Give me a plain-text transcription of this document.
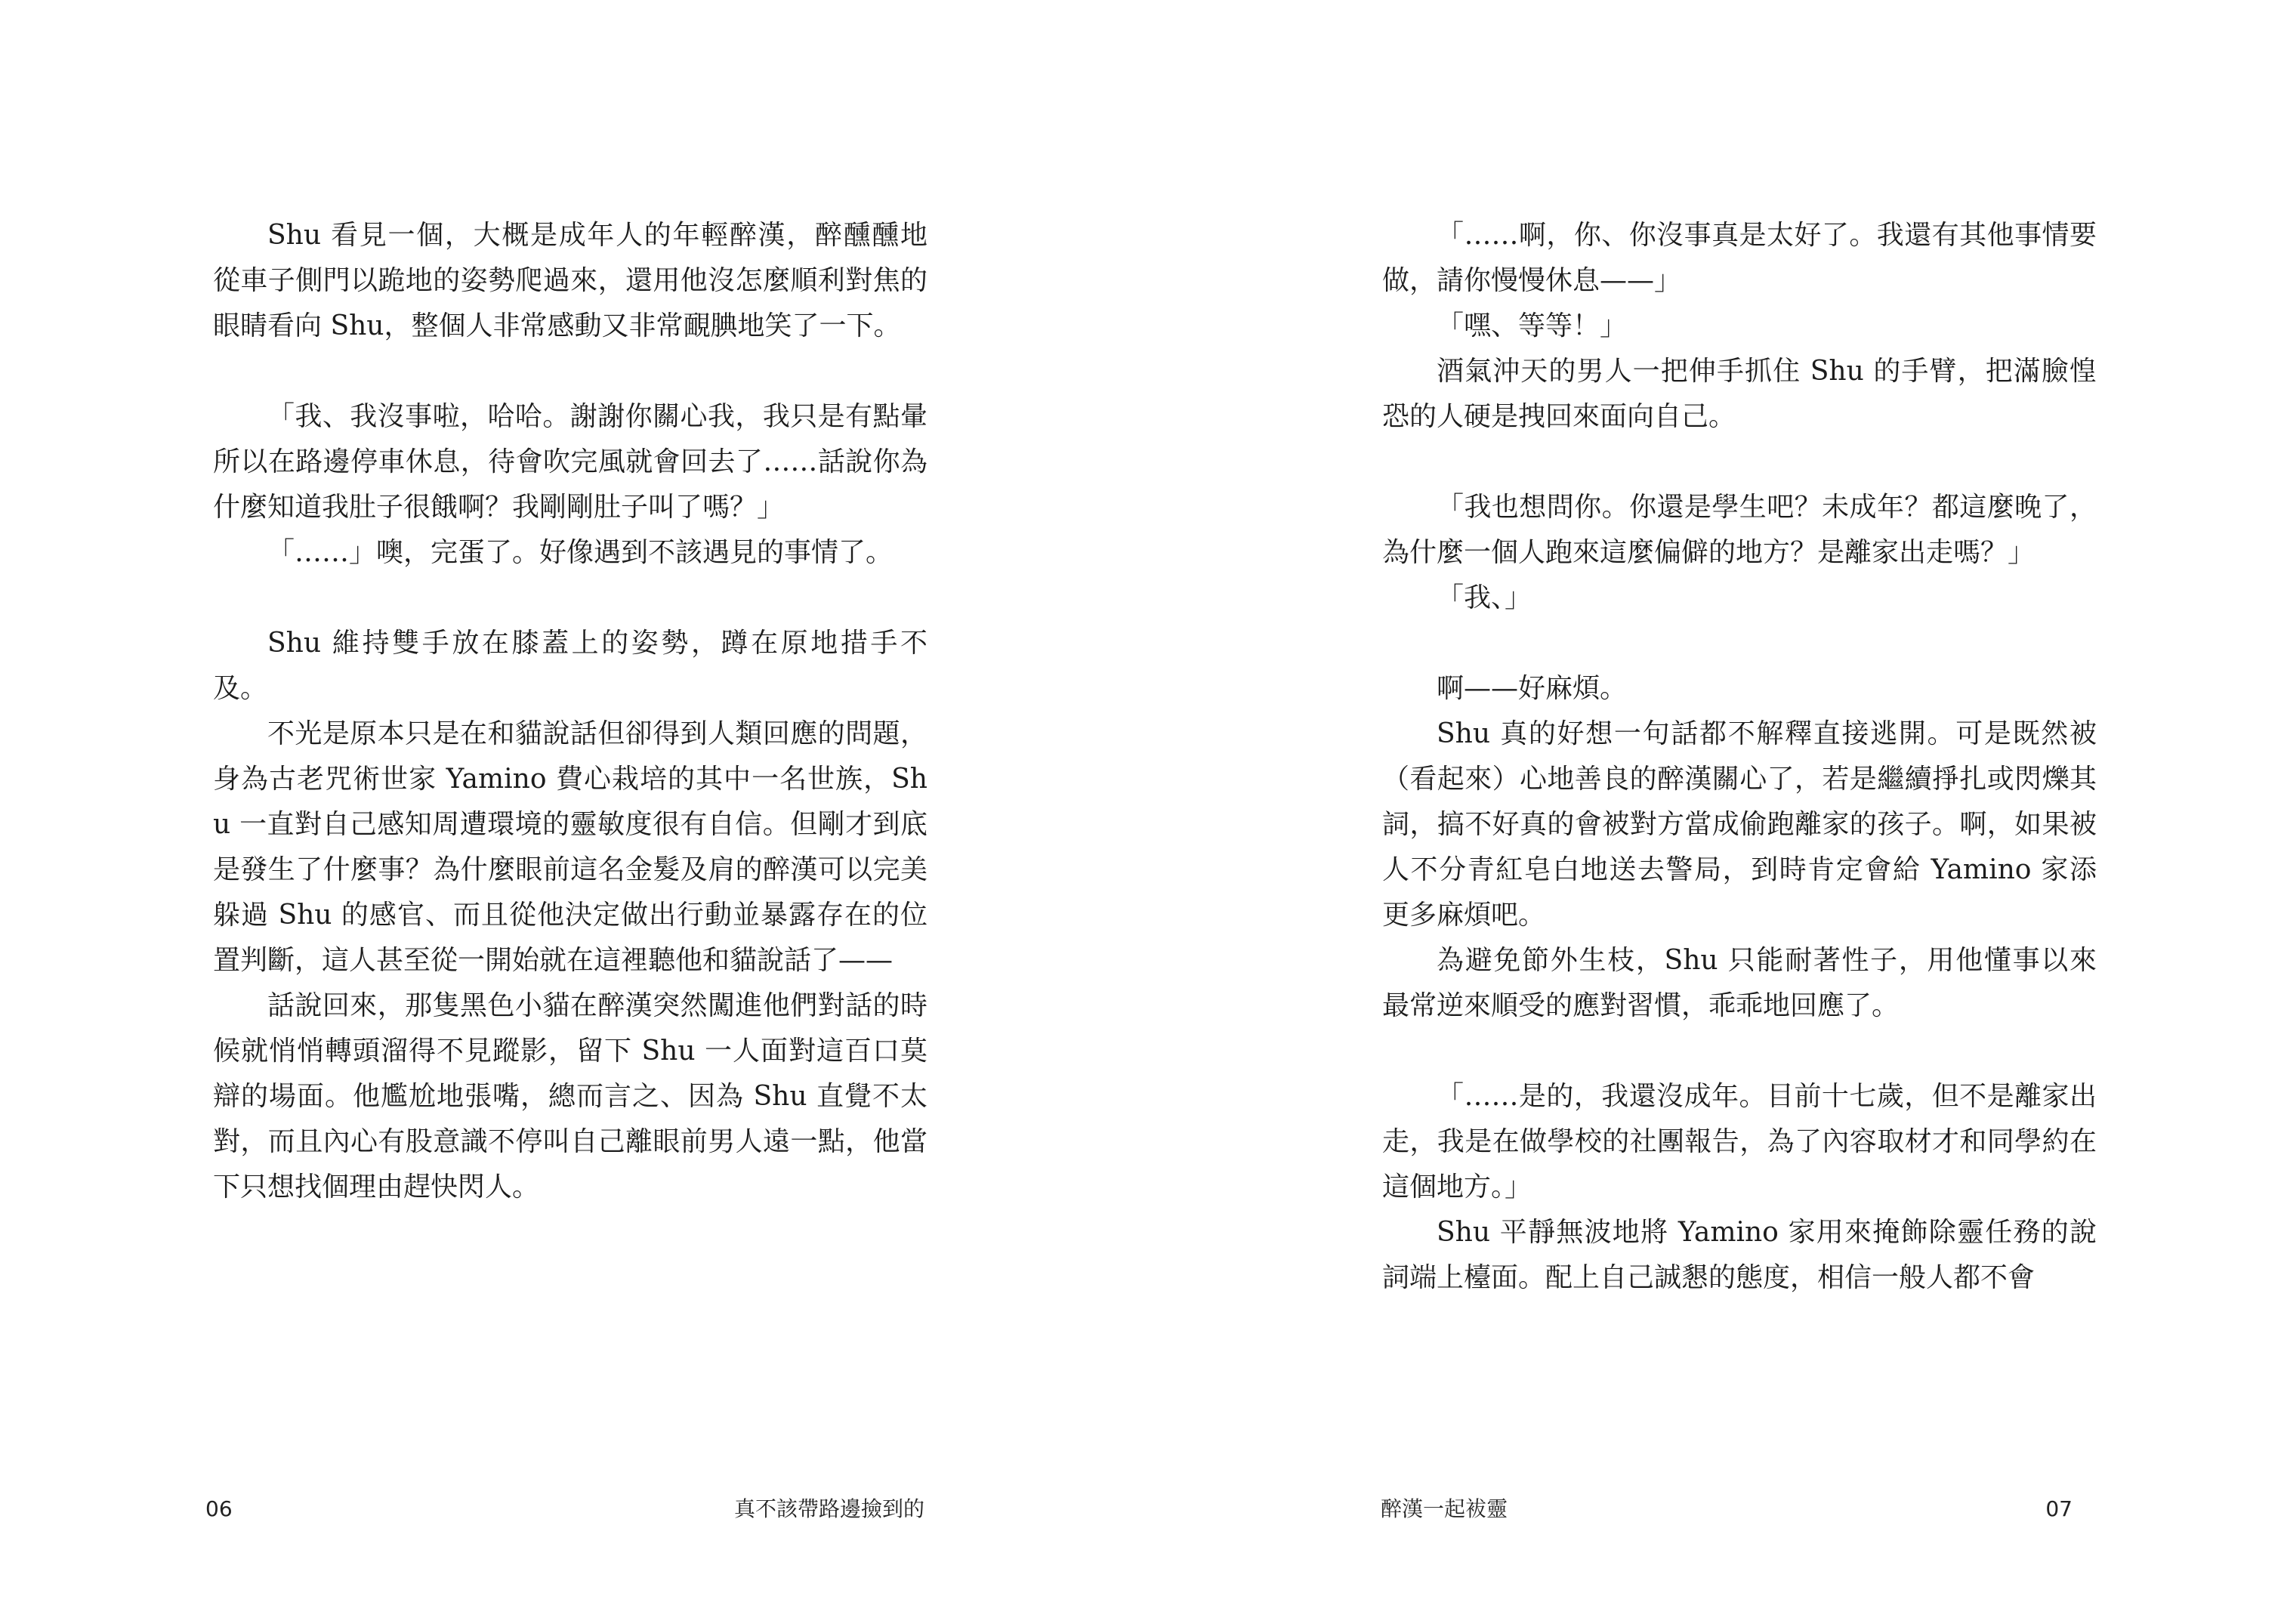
Shu 看見一個，大概是成年人的年輕醉漢，醉醺醺地從車子側門以跪地的姿勢爬過來，還用他沒怎麼順利對焦的眼睛看向 Shu，整個人非常感動又非常靦腆地笑了一下。

「我、我沒事啦，哈哈。謝謝你關心我，我只是有點暈所以在路邊停車休息，待會吹完風就會回去了……話說你為什麼知道我肚子很餓啊？我剛剛肚子叫了嗎？」

「……」噢，完蛋了。好像遇到不該遇見的事情了。

Shu 維持雙手放在膝蓋上的姿勢，蹲在原地措手不及。

不光是原本只是在和貓說話但卻得到人類回應的問題，身為古老咒術世家 Yamino 費心栽培的其中一名世族，Shu 一直對自己感知周遭環境的靈敏度很有自信。但剛才到底是發生了什麼事？為什麼眼前這名金髮及肩的醉漢可以完美躲過 Shu 的感官、而且從他決定做出行動並暴露存在的位置判斷，這人甚至從一開始就在這裡聽他和貓說話了——

話說回來，那隻黑色小貓在醉漢突然闖進他們對話的時候就悄悄轉頭溜得不見蹤影，留下 Shu 一人面對這百口莫辯的場面。他尷尬地張嘴，總而言之、因為 Shu 直覺不太對，而且內心有股意識不停叫自己離眼前男人遠一點，他當下只想找個理由趕快閃人。

06	真不該帶路邊撿到的

「……啊，你、你沒事真是太好了。我還有其他事情要做，請你慢慢休息——」

「嘿、等等！」

酒氣沖天的男人一把伸手抓住 Shu 的手臂，把滿臉惶恐的人硬是拽回來面向自己。

「我也想問你。你還是學生吧？未成年？都這麼晚了，為什麼一個人跑來這麼偏僻的地方？是離家出走嗎？」

「我、」

啊——好麻煩。

Shu 真的好想一句話都不解釋直接逃開。可是既然被（看起來）心地善良的醉漢關心了，若是繼續掙扎或閃爍其詞，搞不好真的會被對方當成偷跑離家的孩子。啊，如果被人不分青紅皂白地送去警局，到時肯定會給 Yamino 家添更多麻煩吧。

為避免節外生枝，Shu 只能耐著性子，用他懂事以來最常逆來順受的應對習慣，乖乖地回應了。

「……是的，我還沒成年。目前十七歲，但不是離家出走，我是在做學校的社團報告，為了內容取材才和同學約在這個地方。」

Shu 平靜無波地將 Yamino 家用來掩飾除靈任務的說詞端上檯面。配上自己誠懇的態度，相信一般人都不會

醉漢一起袚靈	07
